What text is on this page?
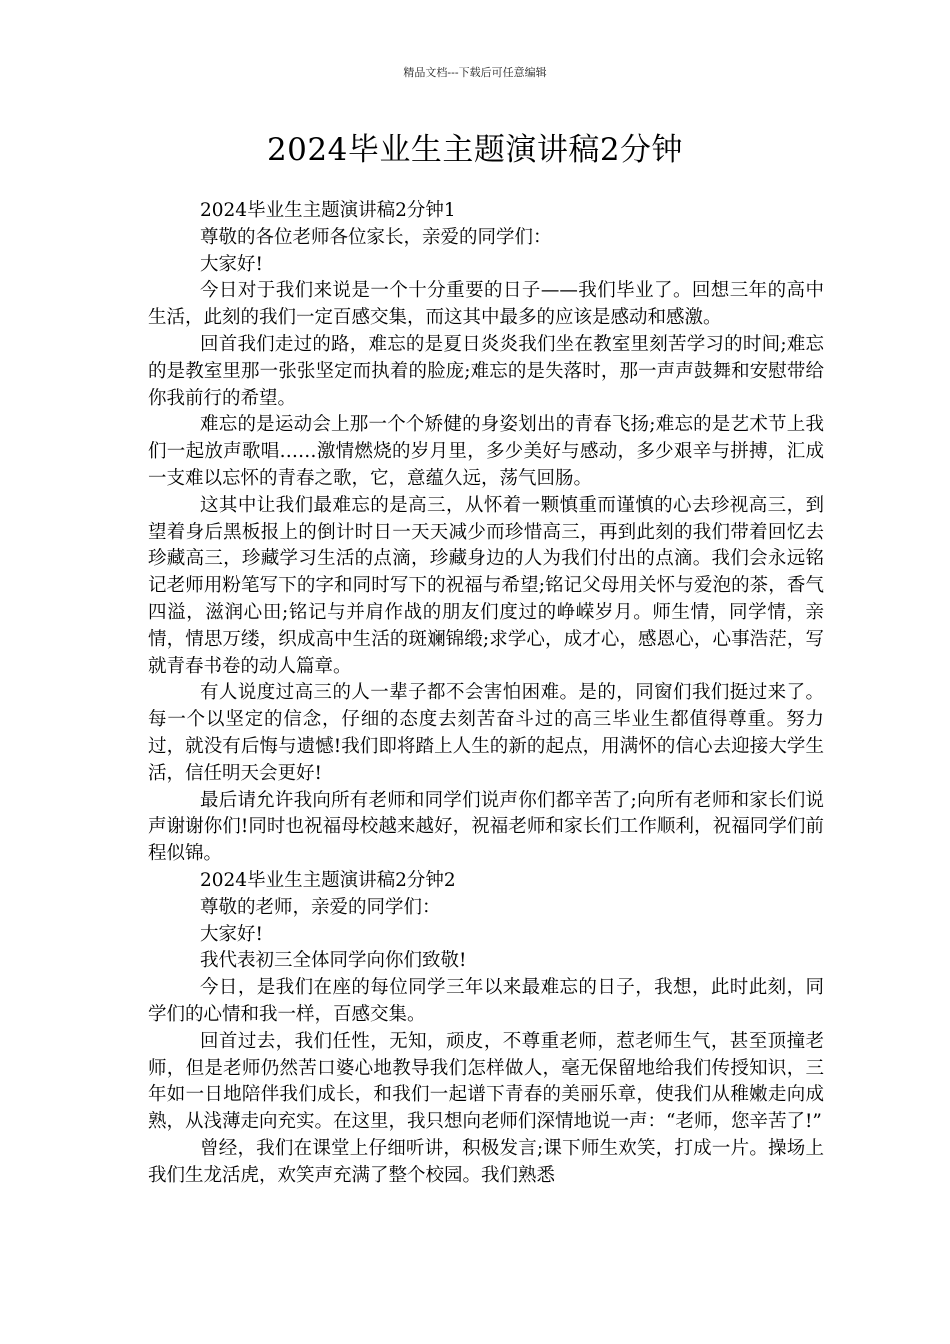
精品文档---下载后可任意编辑
2024毕业生主题演讲稿2分钟

2024毕业生主题演讲稿2分钟1

尊敬的各位老师各位家长，亲爱的同学们：

大家好!

今日对于我们来说是一个十分重要的日子——我们毕业了。回想三年的高中生活，此刻的我们一定百感交集，而这其中最多的应该是感动和感激。

回首我们走过的路，难忘的是夏日炎炎我们坐在教室里刻苦学习的时间;难忘的是教室里那一张张坚定而执着的脸庞;难忘的是失落时，那一声声鼓舞和安慰带给你我前行的希望。

难忘的是运动会上那一个个矫健的身姿划出的青春飞扬;难忘的是艺术节上我们一起放声歌唱……激情燃烧的岁月里，多少美好与感动，多少艰辛与拼搏，汇成一支难以忘怀的青春之歌，它，意蕴久远，荡气回肠。

这其中让我们最难忘的是高三，从怀着一颗慎重而谨慎的心去珍视高三，到望着身后黑板报上的倒计时日一天天减少而珍惜高三，再到此刻的我们带着回忆去珍藏高三，珍藏学习生活的点滴，珍藏身边的人为我们付出的点滴。我们会永远铭记老师用粉笔写下的字和同时写下的祝福与希望;铭记父母用关怀与爱泡的茶，香气四溢，滋润心田;铭记与并肩作战的朋友们度过的峥嵘岁月。师生情，同学情，亲情，情思万缕，织成高中生活的斑斓锦缎;求学心，成才心，感恩心，心事浩茫，写就青春书卷的动人篇章。

有人说度过高三的人一辈子都不会害怕困难。是的，同窗们我们挺过来了。每一个以坚定的信念，仔细的态度去刻苦奋斗过的高三毕业生都值得尊重。努力过，就没有后悔与遗憾!我们即将踏上人生的新的起点，用满怀的信心去迎接大学生活，信任明天会更好!

最后请允许我向所有老师和同学们说声你们都辛苦了;向所有老师和家长们说声谢谢你们!同时也祝福母校越来越好，祝福老师和家长们工作顺利，祝福同学们前程似锦。

2024毕业生主题演讲稿2分钟2

尊敬的老师，亲爱的同学们：

大家好!

我代表初三全体同学向你们致敬!

今日，是我们在座的每位同学三年以来最难忘的日子，我想，此时此刻，同学们的心情和我一样，百感交集。

回首过去，我们任性，无知，顽皮，不尊重老师，惹老师生气，甚至顶撞老师，但是老师仍然苦口婆心地教导我们怎样做人，毫无保留地给我们传授知识，三年如一日地陪伴我们成长，和我们一起谱下青春的美丽乐章，使我们从稚嫩走向成熟，从浅薄走向充实。在这里，我只想向老师们深情地说一声：“老师，您辛苦了!”

曾经，我们在课堂上仔细听讲，积极发言;课下师生欢笑，打成一片。操场上我们生龙活虎，欢笑声充满了整个校园。我们熟悉
